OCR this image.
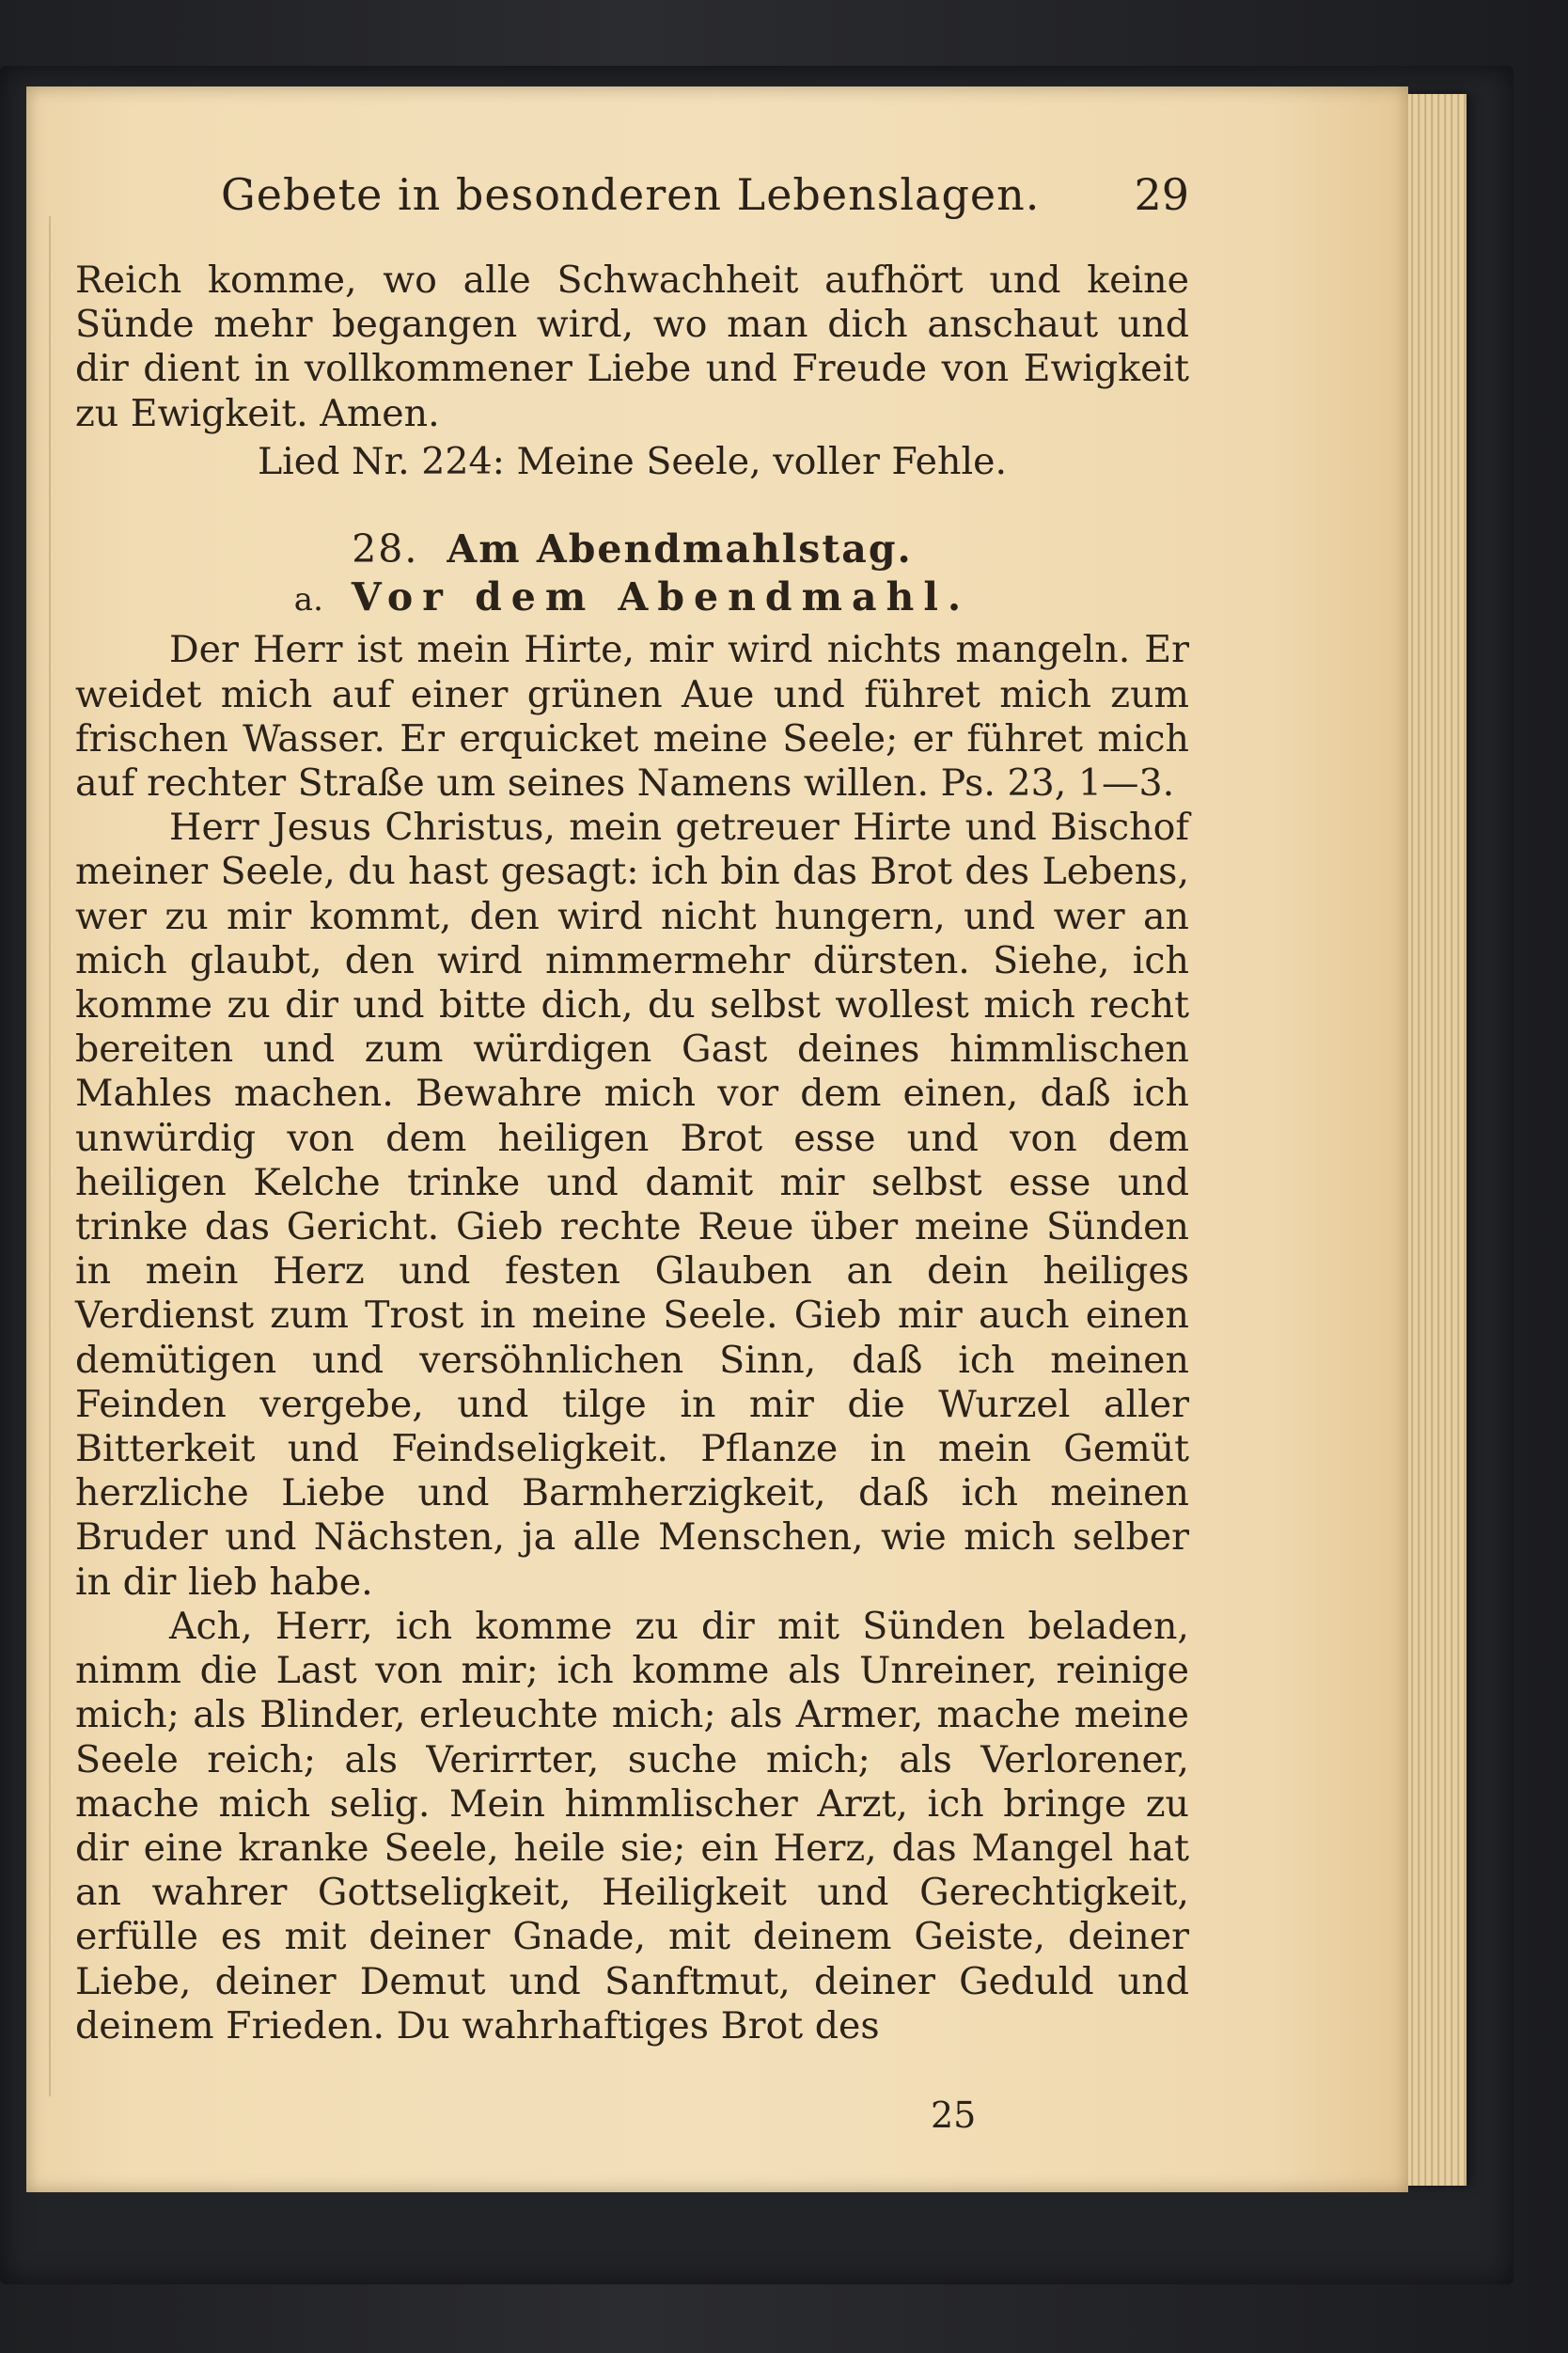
Gebete in besonderen Lebenslagen. 29

Reich komme, wo alle Schwachheit aufhört und keine Sünde mehr begangen wird, wo man dich anschaut und dir dient in vollkommener Liebe und Freude von Ewigkeit zu Ewigkeit. Amen.

Lied Nr. 224: Meine Seele, voller Fehle.

28. Am Abendmahlstag.

a. Vor dem Abendmahl.

Der Herr ist mein Hirte, mir wird nichts mangeln. Er weidet mich auf einer grünen Aue und führet mich zum frischen Wasser. Er erquicket meine Seele; er führet mich auf rechter Straße um seines Namens willen. Ps. 23, 1—3.

Herr Jesus Christus, mein getreuer Hirte und Bischof meiner Seele, du hast gesagt: ich bin das Brot des Lebens, wer zu mir kommt, den wird nicht hungern, und wer an mich glaubt, den wird nimmermehr dürsten. Siehe, ich komme zu dir und bitte dich, du selbst wollest mich recht bereiten und zum würdigen Gast deines himmlischen Mahles machen. Bewahre mich vor dem einen, daß ich unwürdig von dem heiligen Brot esse und von dem heiligen Kelche trinke und damit mir selbst esse und trinke das Gericht. Gieb rechte Reue über meine Sünden in mein Herz und festen Glauben an dein heiliges Verdienst zum Trost in meine Seele. Gieb mir auch einen demütigen und versöhnlichen Sinn, daß ich meinen Feinden vergebe, und tilge in mir die Wurzel aller Bitterkeit und Feindseligkeit. Pflanze in mein Gemüt herzliche Liebe und Barmherzigkeit, daß ich meinen Bruder und Nächsten, ja alle Menschen, wie mich selber in dir lieb habe.

Ach, Herr, ich komme zu dir mit Sünden beladen, nimm die Last von mir; ich komme als Unreiner, reinige mich; als Blinder, erleuchte mich; als Armer, mache meine Seele reich; als Verirrter, suche mich; als Verlorener, mache mich selig. Mein himmlischer Arzt, ich bringe zu dir eine kranke Seele, heile sie; ein Herz, das Mangel hat an wahrer Gottseligkeit, Heiligkeit und Gerechtigkeit, erfülle es mit deiner Gnade, mit deinem Geiste, deiner Liebe, deiner Demut und Sanftmut, deiner Geduld und deinem Frieden. Du wahrhaftiges Brot des

25
